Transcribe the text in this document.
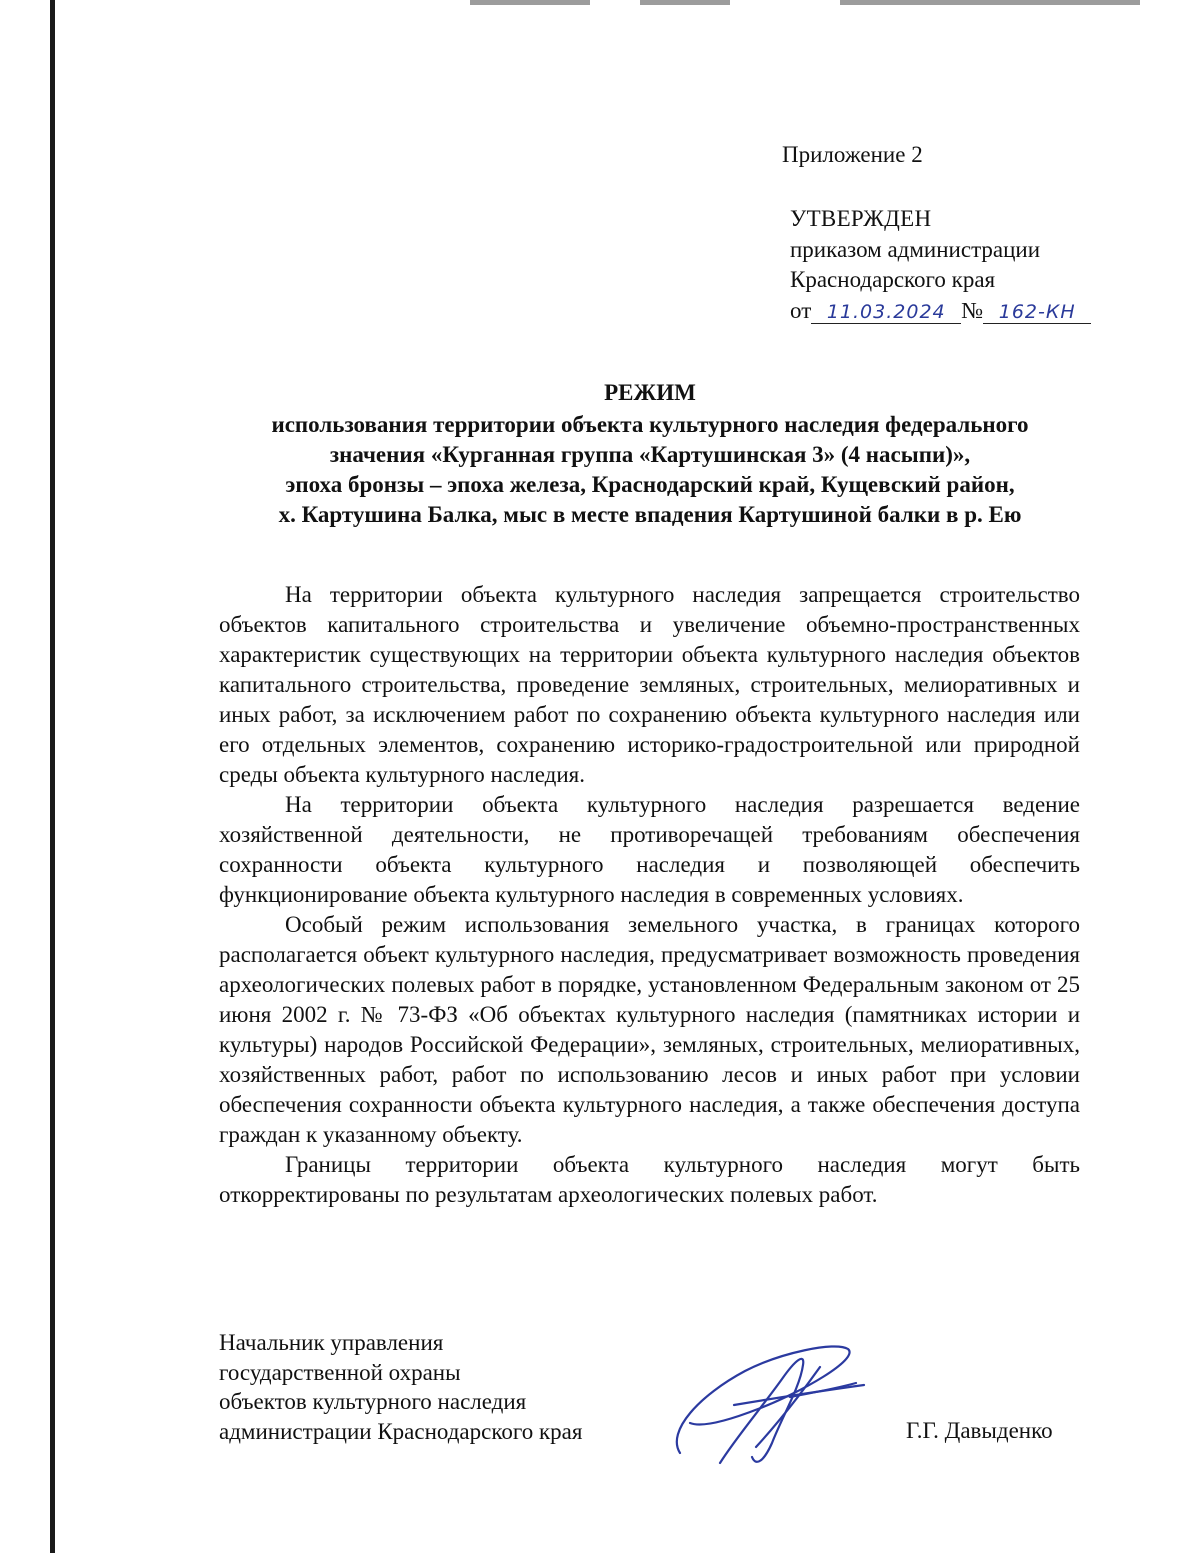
Приложение 2
УТВЕРЖДЕН
приказом администрации
Краснодарского края
от 11.03.2024 № 162-КН
РЕЖИМ
использования территории объекта культурного наследия федерального
значения «Курганная группа «Картушинская 3» (4 насыпи)»,
эпоха бронзы – эпоха железа, Краснодарский край, Кущевский район,
х. Картушина Балка, мыс в месте впадения Картушиной балки в р. Ею

На территории объекта культурного наследия запрещается строительство объектов капитального строительства и увеличение объемно-пространственных характеристик существующих на территории объекта культурного наследия объектов капитального строительства, проведение земляных, строительных, мелиоративных и иных работ, за исключением работ по сохранению объекта культурного наследия или его отдельных элементов, сохранению историко-градостроительной или природной среды объекта культурного наследия.

На территории объекта культурного наследия разрешается ведение хозяйственной деятельности, не противоречащей требованиям обеспечения сохранности объекта культурного наследия и позволяющей обеспечить функционирование объекта культурного наследия в современных условиях.

Особый режим использования земельного участка, в границах которого располагается объект культурного наследия, предусматривает возможность проведения археологических полевых работ в порядке, установленном Федеральным законом от 25 июня 2002 г. № 73-ФЗ «Об объектах культурного наследия (памятниках истории и культуры) народов Российской Федерации», земляных, строительных, мелиоративных, хозяйственных работ, работ по использованию лесов и иных работ при условии обеспечения сохранности объекта культурного наследия, а также обеспечения доступа граждан к указанному объекту.

Границы территории объекта культурного наследия могут быть откорректированы по результатам археологических полевых работ.

Начальник управления
государственной охраны
объектов культурного наследия
администрации Краснодарского края	Г.Г. Давыденко
